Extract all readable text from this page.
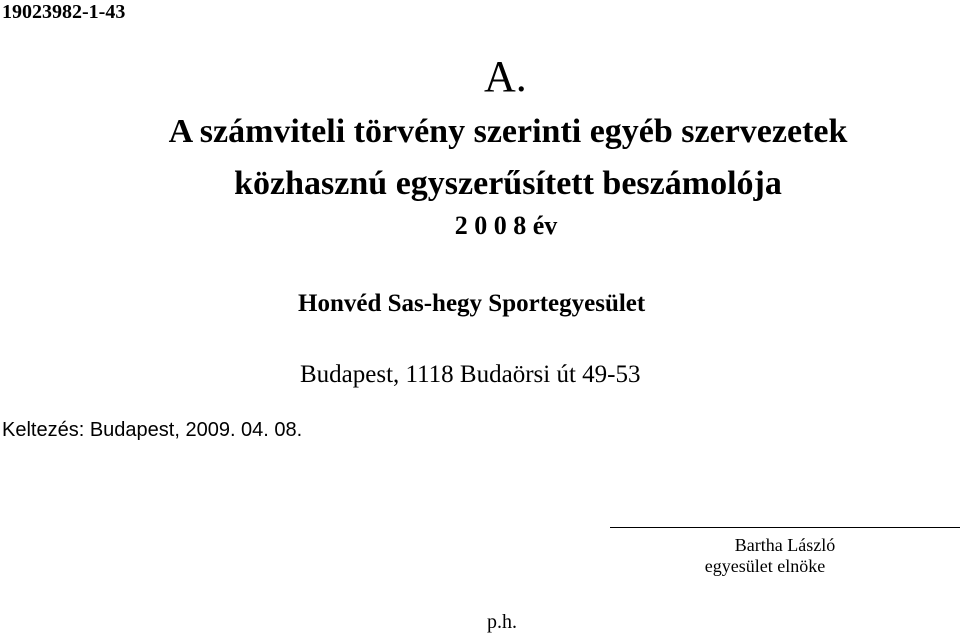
19023982-1-43
A.
A számviteli törvény szerinti egyéb szervezetek
közhasznú egyszerűsített beszámolója
2 0 0 8 év
Honvéd Sas-hegy Sportegyesület
Budapest, 1118 Budaörsi út 49-53
Keltezés: Budapest, 2009. 04. 08.
Bartha László
egyesület elnöke
p.h.
